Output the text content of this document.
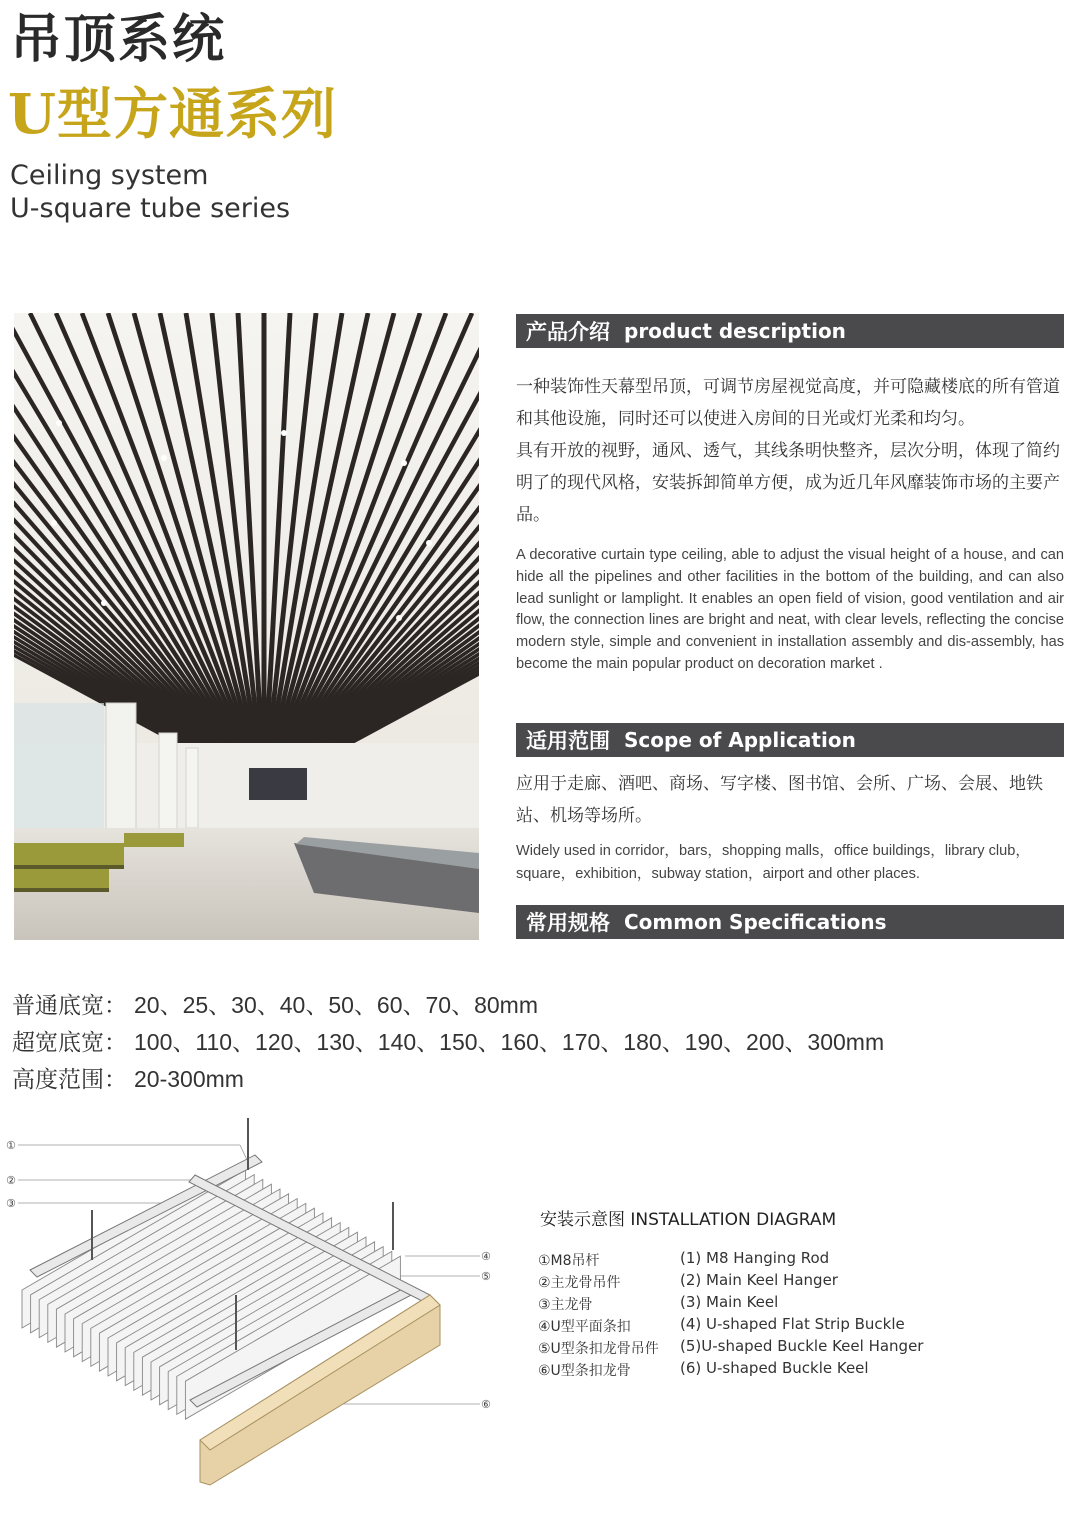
吊顶系统
U型方通系列
Ceiling system
U-square tube series
产品介绍 product description
一种装饰性天幕型吊顶，可调节房屋视觉高度，并可隐藏楼底的所有管道和其他设施，同时还可以使进入房间的日光或灯光柔和均匀。
具有开放的视野，通风、透气，其线条明快整齐，层次分明，体现了简约明了的现代风格，安装拆卸简单方便，成为近几年风靡装饰市场的主要产品。
A decorative curtain type ceiling, able to adjust the visual height of a house, and can hide all the pipelines and other facilities in the bottom of the building, and can also lead sunlight or lamplight. It enables an open field of vision, good ventilation and air flow, the connection lines are bright and neat, with clear levels, reflecting the concise modern style, simple and convenient in installation assembly and dis-assembly, has become the main popular product on decoration market .
适用范围 Scope of Application
应用于走廊、酒吧、商场、写字楼、图书馆、会所、广场、会展、地铁站、机场等场所。
Widely used in corridor，bars，shopping malls，office buildings，library club，square，exhibition，subway station，airport and other places.
常用规格 Common Specifications
普通底宽： 20、25、30、40、50、60、70、80mm
超宽底宽： 100、110、120、130、140、150、160、170、180、190、200、300mm
高度范围： 20-300mm
①
②
③
④
⑤
⑥
安装示意图 INSTALLATION DIAGRAM
①M8吊杆	(1) M8 Hanging Rod
②主龙骨吊件	(2) Main Keel Hanger
③主龙骨	(3) Main Keel
④U型平面条扣	(4) U-shaped Flat Strip Buckle
⑤U型条扣龙骨吊件 (5)U-shaped Buckle Keel Hanger
⑥U型条扣龙骨	(6) U-shaped Buckle Keel
